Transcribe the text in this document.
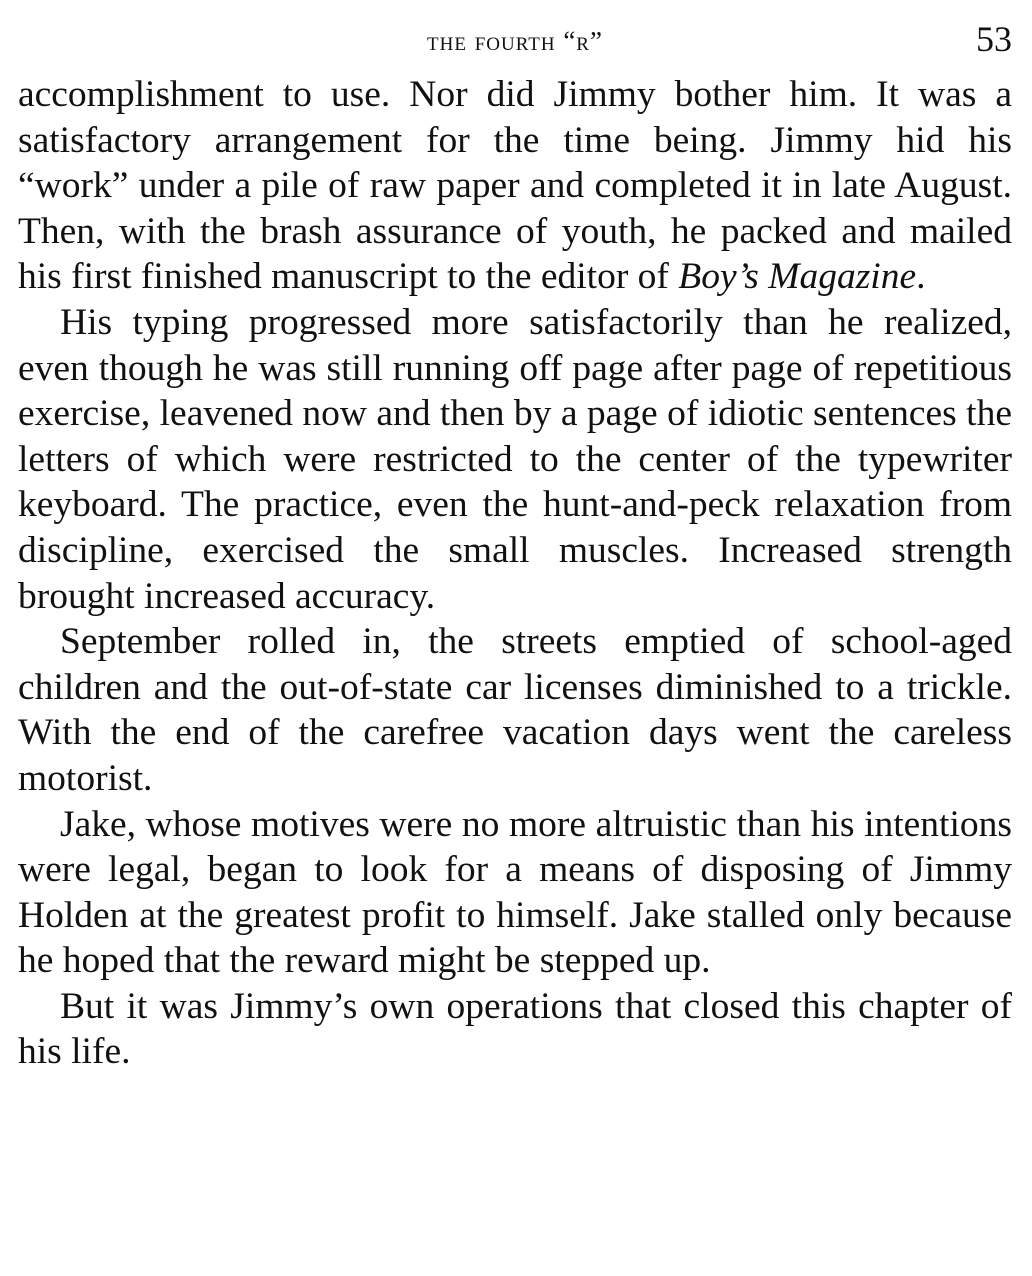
the fourth “r”	53

accomplishment to use. Nor did Jimmy bother him. It was a satisfactory arrangement for the time being. Jimmy hid his “work” under a pile of raw paper and completed it in late August. Then, with the brash assurance of youth, he packed and mailed his first finished manuscript to the editor of Boy’s Magazine.

His typing progressed more satisfactorily than he realized, even though he was still running off page after page of repetitious exercise, leavened now and then by a page of idiotic sentences the letters of which were restricted to the center of the typewriter keyboard. The practice, even the hunt-and-peck relaxation from discipline, exercised the small muscles. Increased strength brought increased accuracy.

September rolled in, the streets emptied of school-aged children and the out-of-state car licenses diminished to a trickle. With the end of the carefree vacation days went the careless motorist.

Jake, whose motives were no more altruistic than his intentions were legal, began to look for a means of disposing of Jimmy Holden at the greatest profit to himself. Jake stalled only because he hoped that the reward might be stepped up.

But it was Jimmy’s own operations that closed this chapter of his life.
